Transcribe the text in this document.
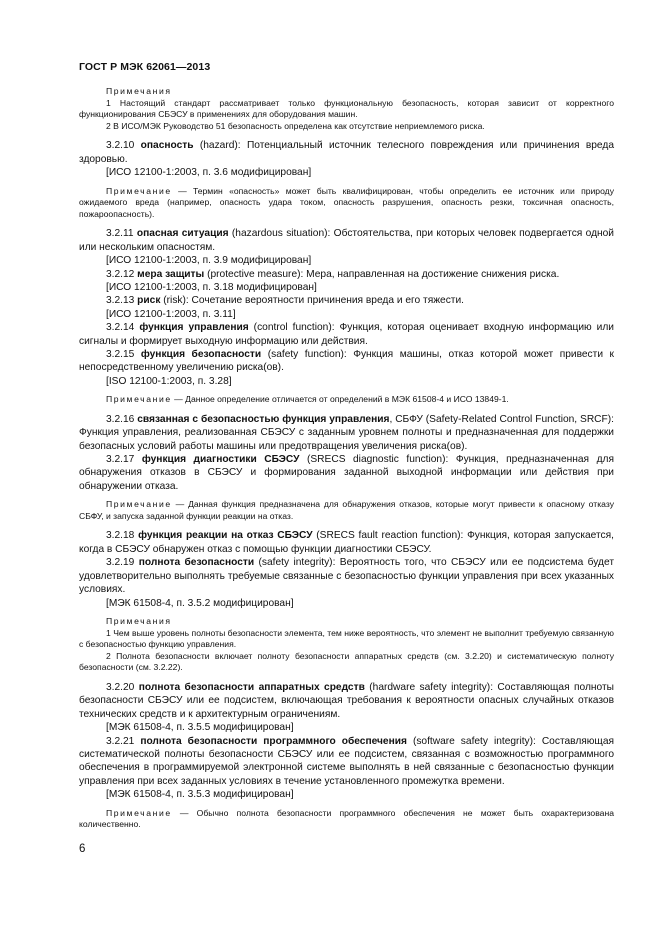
ГОСТ Р МЭК 62061—2013

Примечания

1 Настоящий стандарт рассматривает только функциональную безопасность, которая зависит от корректного функционирования СБЭСУ в применениях для оборудования машин.

2 В ИСО/МЭК Руководство 51 безопасность определена как отсутствие неприемлемого риска.

3.2.10 опасность (hazard): Потенциальный источник телесного повреждения или причинения вреда здоровью.

[ИСО 12100-1:2003, п. 3.6 модифицирован]

Примечание — Термин «опасность» может быть квалифицирован, чтобы определить ее источник или природу ожидаемого вреда (например, опасность удара током, опасность разрушения, опасность резки, токсичная опасность, пожароопасность).

3.2.11 опасная ситуация (hazardous situation): Обстоятельства, при которых человек подвергается одной или нескольким опасностям.

[ИСО 12100-1:2003, п. 3.9 модифицирован]

3.2.12 мера защиты (protective measure): Мера, направленная на достижение снижения риска.

[ИСО 12100-1:2003, п. 3.18 модифицирован]

3.2.13 риск (risk): Сочетание вероятности причинения вреда и его тяжести.

[ИСО 12100-1:2003, п. 3.11]

3.2.14 функция управления (control function): Функция, которая оценивает входную информацию или сигналы и формирует выходную информацию или действия.

3.2.15 функция безопасности (safety function): Функция машины, отказ которой может привести к непосредственному увеличению риска(ов).

[ISO 12100-1:2003, п. 3.28]

Примечание — Данное определение отличается от определений в МЭК 61508-4 и ИСО 13849-1.

3.2.16 связанная с безопасностью функция управления, СБФУ (Safety-Related Control Function, SRCF): Функция управления, реализованная СБЭСУ с заданным уровнем полноты и предназначенная для поддержки безопасных условий работы машины или предотвращения увеличения риска(ов).

3.2.17 функция диагностики СБЭСУ (SRECS diagnostic function): Функция, предназначенная для обнаружения отказов в СБЭСУ и формирования заданной выходной информации или действия при обнаружении отказа.

Примечание — Данная функция предназначена для обнаружения отказов, которые могут привести к опасному отказу СБФУ, и запуска заданной функции реакции на отказ.

3.2.18 функция реакции на отказ СБЭСУ (SRECS fault reaction function): Функция, которая запускается, когда в СБЭСУ обнаружен отказ с помощью функции диагностики СБЭСУ.

3.2.19 полнота безопасности (safety integrity): Вероятность того, что СБЭСУ или ее подсистема будет удовлетворительно выполнять требуемые связанные с безопасностью функции управления при всех указанных условиях.

[МЭК 61508-4, п. 3.5.2 модифицирован]

Примечания

1 Чем выше уровень полноты безопасности элемента, тем ниже вероятность, что элемент не выполнит требуемую связанную с безопасностью функцию управления.

2 Полнота безопасности включает полноту безопасности аппаратных средств (см. 3.2.20) и систематическую полноту безопасности (см. 3.2.22).

3.2.20 полнота безопасности аппаратных средств (hardware safety integrity): Составляющая полноты безопасности СБЭСУ или ее подсистем, включающая требования к вероятности опасных случайных отказов технических средств и к архитектурным ограничениям.

[МЭК 61508-4, п. 3.5.5 модифицирован]

3.2.21 полнота безопасности программного обеспечения (software safety integrity): Составляющая систематической полноты безопасности СБЭСУ или ее подсистем, связанная с возможностью программного обеспечения в программируемой электронной системе выполнять в ней связанные с безопасностью функции управления при всех заданных условиях в течение установленного промежутка времени.

[МЭК 61508-4, п. 3.5.3 модифицирован]

Примечание — Обычно полнота безопасности программного обеспечения не может быть охарактеризована количественно.

6
